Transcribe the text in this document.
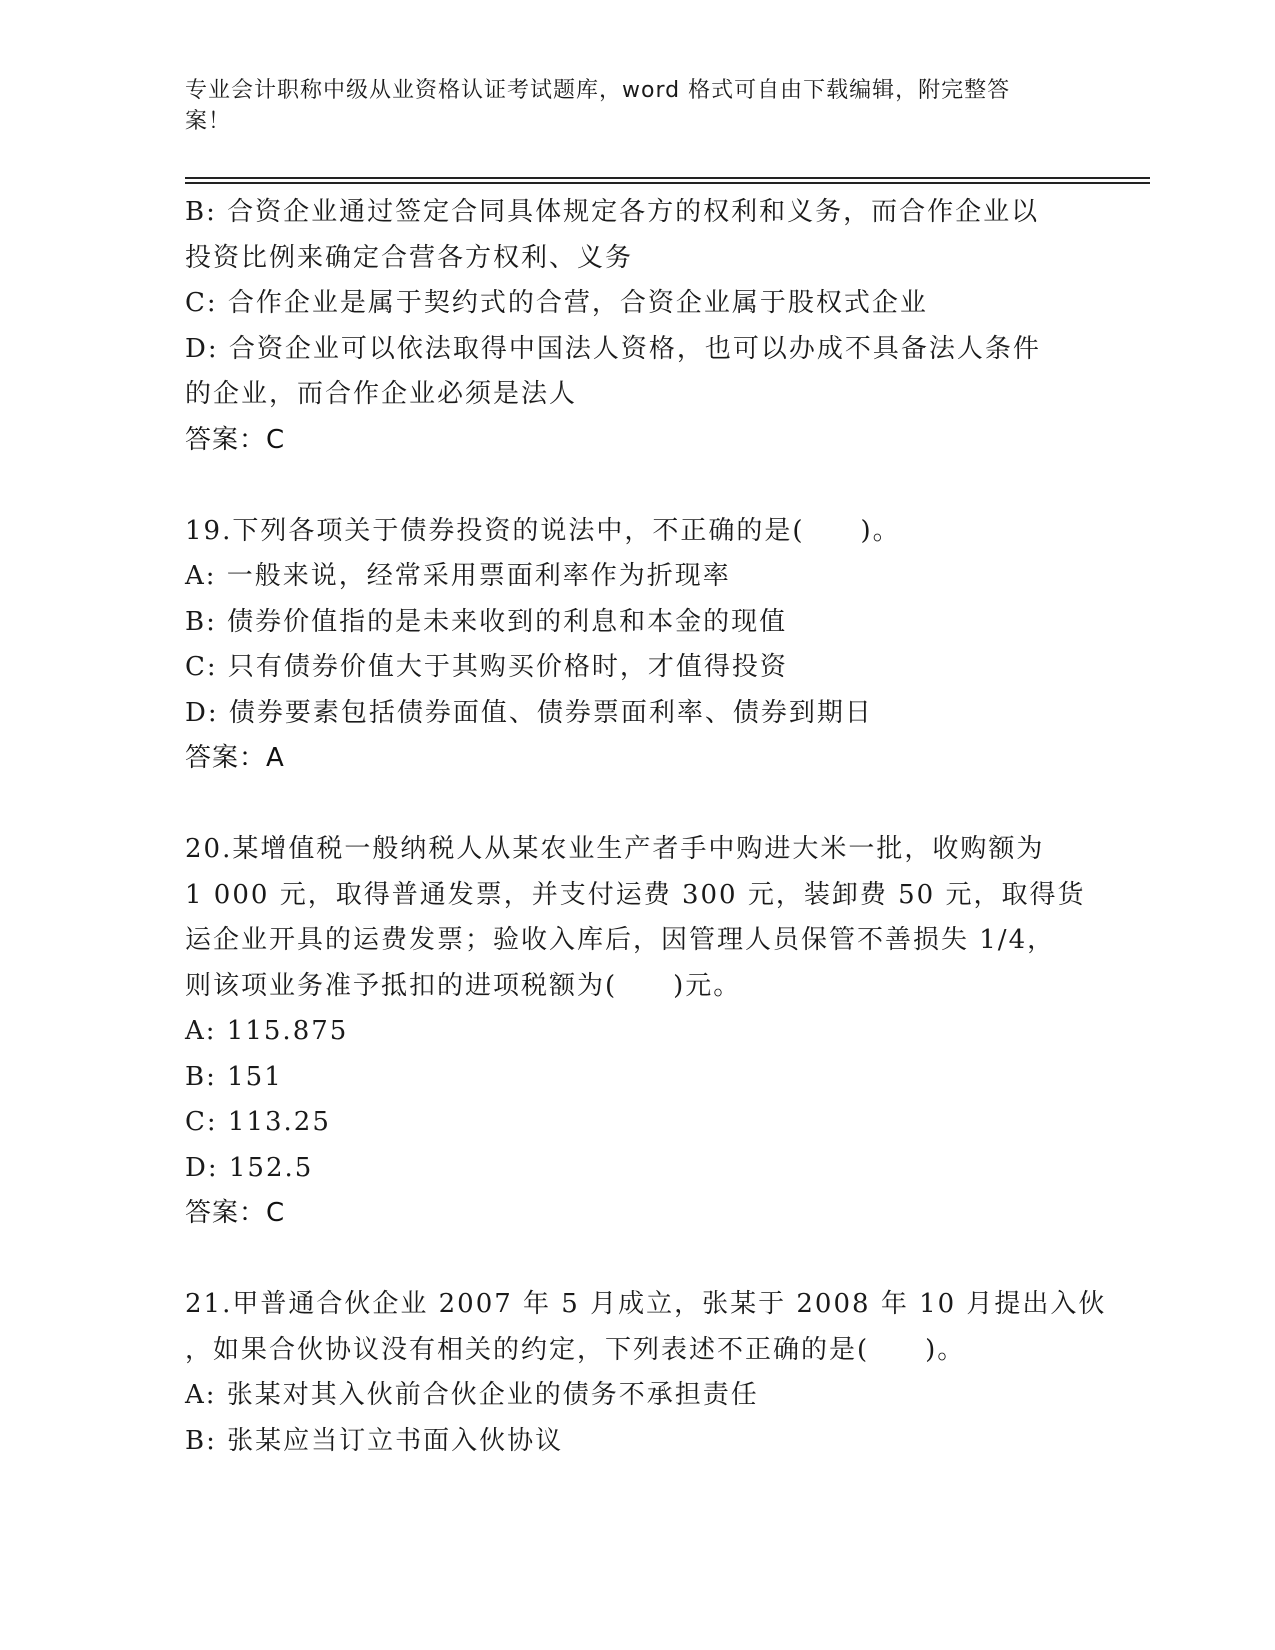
专业会计职称中级从业资格认证考试题库，word 格式可自由下载编辑，附完整答
案！
B: 合资企业通过签定合同具体规定各方的权利和义务，而合作企业以
投资比例来确定合营各方权利、义务
C: 合作企业是属于契约式的合营，合资企业属于股权式企业
D: 合资企业可以依法取得中国法人资格，也可以办成不具备法人条件
的企业，而合作企业必须是法人
答案：C
19.下列各项关于债券投资的说法中，不正确的是(　　)。
A: 一般来说，经常采用票面利率作为折现率
B: 债券价值指的是未来收到的利息和本金的现值
C: 只有债券价值大于其购买价格时，才值得投资
D: 债券要素包括债券面值、债券票面利率、债券到期日
答案：A
20.某增值税一般纳税人从某农业生产者手中购进大米一批，收购额为
1 000 元，取得普通发票，并支付运费 300 元，装卸费 50 元，取得货
运企业开具的运费发票；验收入库后，因管理人员保管不善损失 1/4，
则该项业务准予抵扣的进项税额为(　　)元。
A: 115.875
B: 151
C: 113.25
D: 152.5
答案：C
21.甲普通合伙企业 2007 年 5 月成立，张某于 2008 年 10 月提出入伙
，如果合伙协议没有相关的约定，下列表述不正确的是(　　)。
A: 张某对其入伙前合伙企业的债务不承担责任
B: 张某应当订立书面入伙协议
